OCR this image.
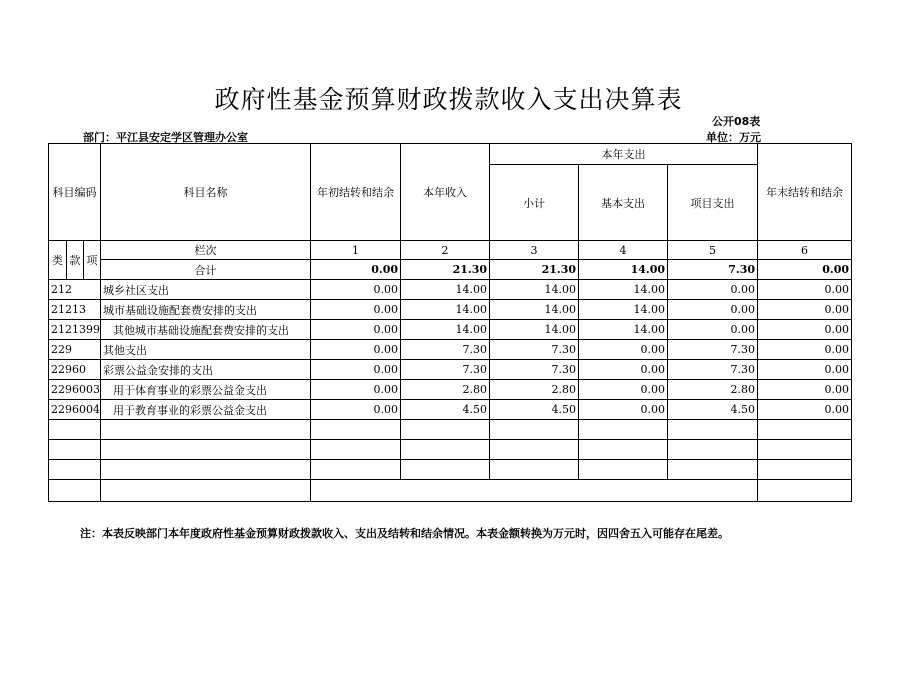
政府性基金预算财政拨款收入支出决算表
公开08表
部门：平江县安定学区管理办公室	单位：万元
科目编码			科目名称	年初结转和结余	本年收入	本年支出			年末结转和结余
						小计	基本支出	项目支出	

类	款	项	栏次	1	2	3	4	5	6
			合计	0.00	21.30	21.30	14.00	7.30	0.00
212			城乡社区支出	0.00	14.00	14.00	14.00	0.00	0.00
21213			城市基础设施配套费安排的支出	0.00	14.00	14.00	14.00	0.00	0.00
2121399			其他城市基础设施配套费安排的支出	0.00	14.00	14.00	14.00	0.00	0.00
229			其他支出	0.00	7.30	7.30	0.00	7.30	0.00
22960			彩票公益金安排的支出	0.00	7.30	7.30	0.00	7.30	0.00
2296003			用于体育事业的彩票公益金支出	0.00	2.80	2.80	0.00	2.80	0.00
2296004			用于教育事业的彩票公益金支出	0.00	4.50	4.50	0.00	4.50	0.00

注：本表反映部门本年度政府性基金预算财政拨款收入、支出及结转和结余情况。本表金额转换为万元时，因四舍五入可能存在尾差。
